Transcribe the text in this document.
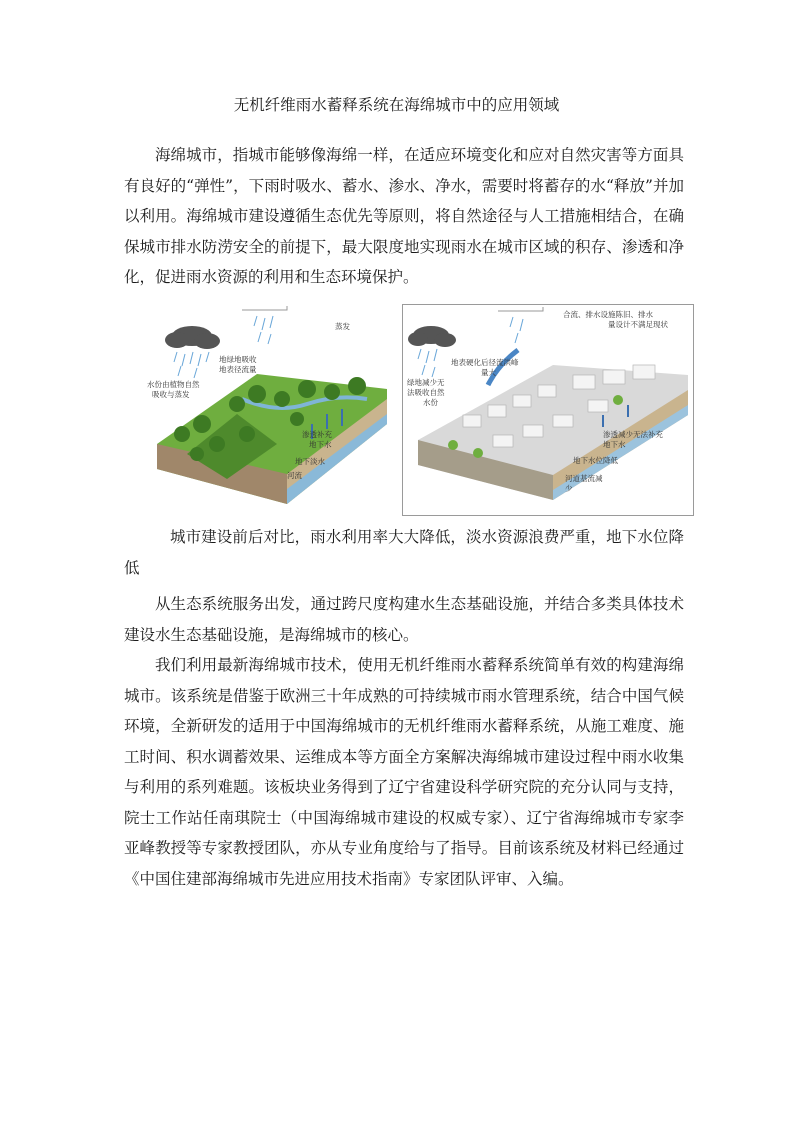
无机纤维雨水蓄释系统在海绵城市中的应用领域

海绵城市，指城市能够像海绵一样，在适应环境变化和应对自然灾害等方面具有良好的“弹性”，下雨时吸水、蓄水、渗水、净水，需要时将蓄存的水“释放”并加以利用。海绵城市建设遵循生态优先等原则，将自然途径与人工措施相结合，在确保城市排水防涝安全的前提下，最大限度地实现雨水在城市区域的积存、渗透和净化，促进雨水资源的利用和生态环境保护。

蒸发
地绿地吸收
地表径流量
水份由植物自然
吸收与蒸发
渗透补充
地下水
地下淡水
河流
合流、排水设施陈旧、排水
量设计不满足现状
地表硬化后径流洪峰
量大
绿地减少无
法吸收自然
水份
渗透减少无法补充
地下水
地下水位降低
河道基流减
少

城市建设前后对比，雨水利用率大大降低，淡水资源浪费严重，地下水位降低

从生态系统服务出发，通过跨尺度构建水生态基础设施，并结合多类具体技术建设水生态基础设施，是海绵城市的核心。

我们利用最新海绵城市技术，使用无机纤维雨水蓄释系统简单有效的构建海绵城市。该系统是借鉴于欧洲三十年成熟的可持续城市雨水管理系统，结合中国气候环境，全新研发的适用于中国海绵城市的无机纤维雨水蓄释系统，从施工难度、施工时间、积水调蓄效果、运维成本等方面全方案解决海绵城市建设过程中雨水收集与利用的系列难题。该板块业务得到了辽宁省建设科学研究院的充分认同与支持，院士工作站任南琪院士（中国海绵城市建设的权威专家）、辽宁省海绵城市专家李亚峰教授等专家教授团队，亦从专业角度给与了指导。目前该系统及材料已经通过《中国住建部海绵城市先进应用技术指南》专家团队评审、入编。
